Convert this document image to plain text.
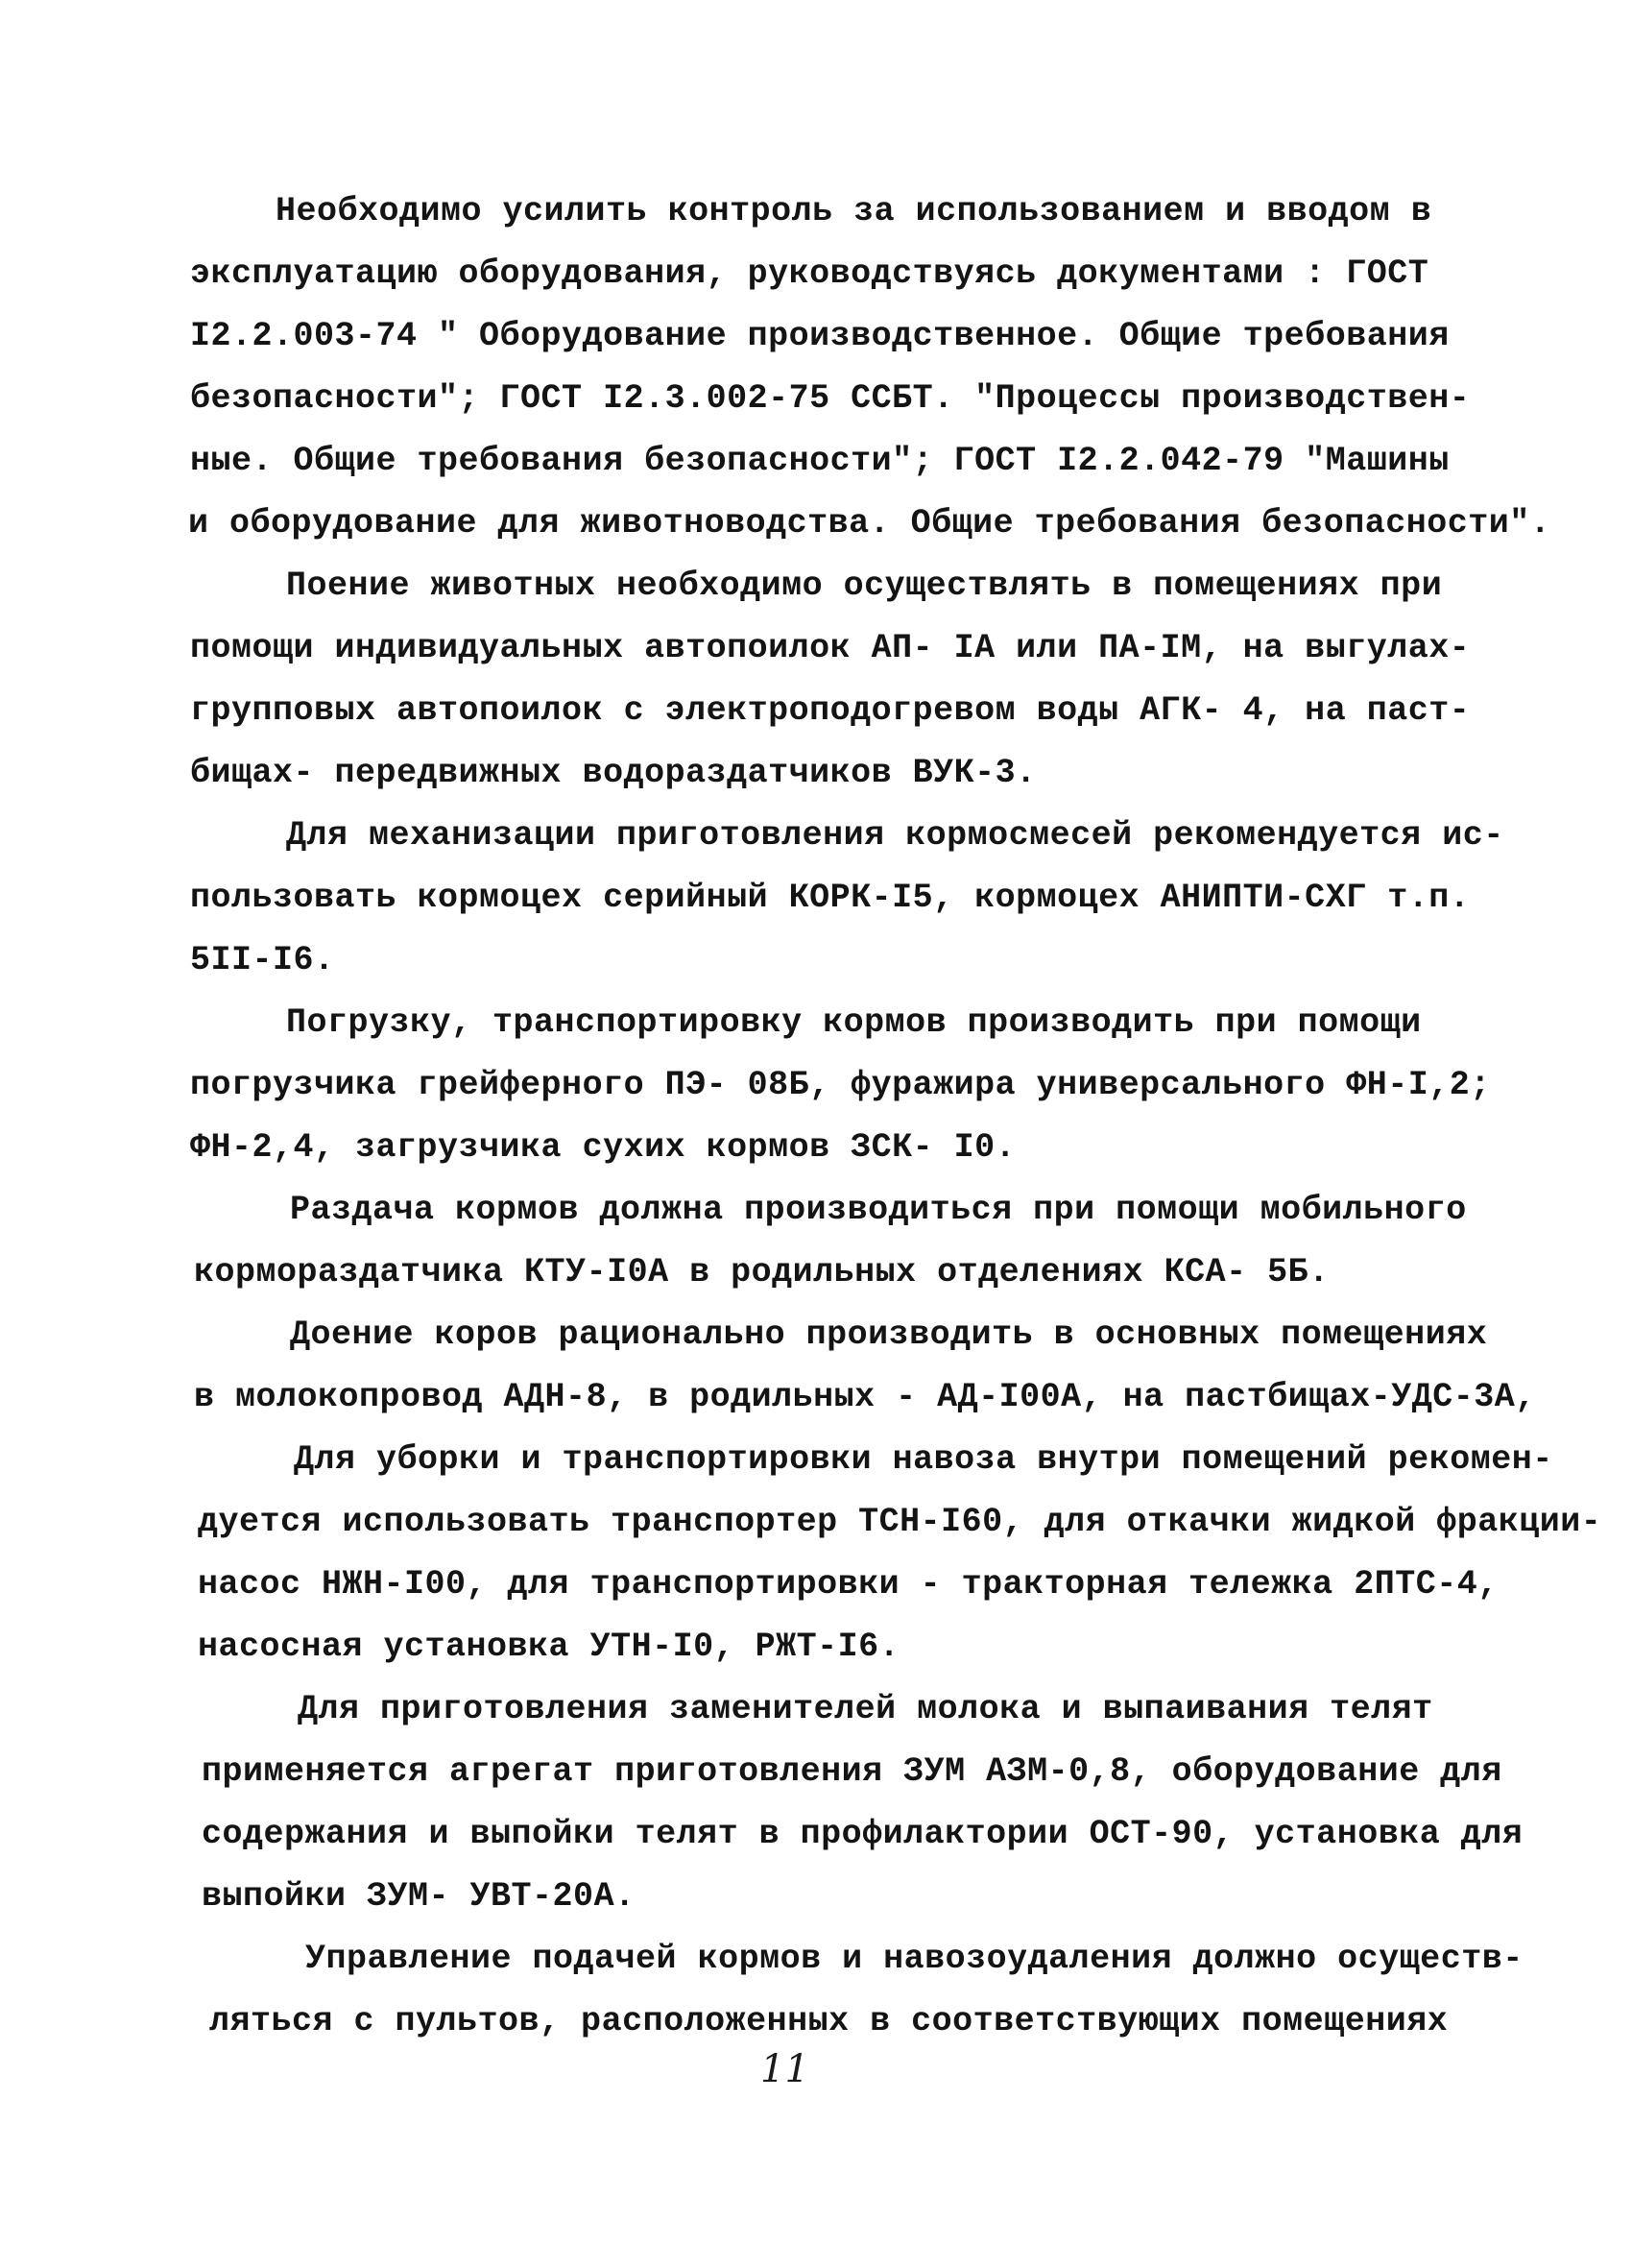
Необходимо усилить контроль за использованием и вводом в
эксплуатацию оборудования, руководствуясь документами : ГОСТ
I2.2.003-74 " Оборудование производственное. Общие требования
безопасности"; ГОСТ I2.3.002-75 ССБТ. "Процессы производствен-
ные. Общие требования безопасности"; ГОСТ I2.2.042-79 "Машины
и оборудование для животноводства. Общие требования безопасности".
Поение животных необходимо осуществлять в помещениях при
помощи индивидуальных автопоилок АП- IА или ПА-IМ, на выгулах-
групповых автопоилок с электроподогревом воды АГК- 4, на паст-
бищах- передвижных водораздатчиков ВУК-3.
Для механизации приготовления кормосмесей рекомендуется ис-
пользовать кормоцех серийный КОРК-I5, кормоцех АНИПТИ-СХГ т.п.
5II-I6.
Погрузку, транспортировку кормов производить при помощи
погрузчика грейферного ПЭ- 08Б, фуражира универсального ФН-I,2;
ФН-2,4, загрузчика сухих кормов ЗСК- I0.
Раздача кормов должна производиться при помощи мобильного
кормораздатчика КТУ-I0А в родильных отделениях КСА- 5Б.
Доение коров рационально производить в основных помещениях
в молокопровод АДН-8, в родильных - АД-I00А, на пастбищах-УДС-3А,
Для уборки и транспортировки навоза внутри помещений рекомен-
дуется использовать транспортер ТСН-I60, для откачки жидкой фракции-
насос НЖН-I00, для транспортировки - тракторная тележка 2ПТС-4,
насосная установка УТН-I0, РЖТ-I6.
Для приготовления заменителей молока и выпаивания телят
применяется агрегат приготовления ЗУМ АЗМ-0,8, оборудование для
содержания и выпойки телят в профилактории ОСТ-90, установка для
выпойки ЗУМ- УВТ-20А.
Управление подачей кормов и навозоудаления должно осуществ-
ляться с пультов, расположенных в соответствующих помещениях
11
